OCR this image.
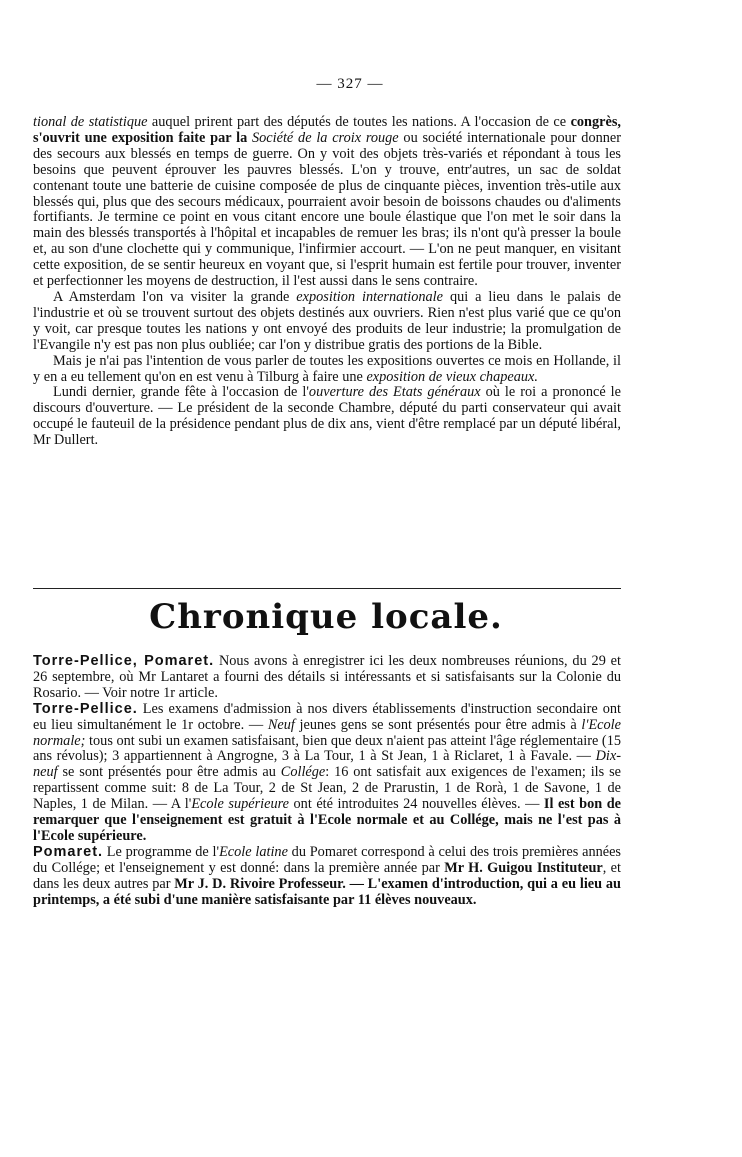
— 327 —

tional de statistique auquel prirent part des députés de toutes les nations. A l'occasion de ce congrès, s'ouvrit une exposition faite par la Société de la croix rouge ou société internationale pour donner des secours aux blessés en temps de guerre. On y voit des objets très-variés et répondant à tous les besoins que peuvent éprouver les pauvres blessés. L'on y trouve, entr'autres, un sac de soldat contenant toute une batterie de cuisine composée de plus de cinquante pièces, invention très-utile aux blessés qui, plus que des secours médicaux, pourraient avoir besoin de boissons chaudes ou d'aliments fortifiants. Je termine ce point en vous citant encore une boule élastique que l'on met le soir dans la main des blessés transportés à l'hôpital et incapables de remuer les bras; ils n'ont qu'à presser la boule et, au son d'une clochette qui y communique, l'infirmier accourt. — L'on ne peut manquer, en visitant cette exposition, de se sentir heureux en voyant que, si l'esprit humain est fertile pour trouver, inventer et perfectionner les moyens de destruction, il l'est aussi dans le sens contraire.

A Amsterdam l'on va visiter la grande exposition internationale qui a lieu dans le palais de l'industrie et où se trouvent surtout des objets destinés aux ouvriers. Rien n'est plus varié que ce qu'on y voit, car presque toutes les nations y ont envoyé des produits de leur industrie; la promulgation de l'Evangile n'y est pas non plus oubliée; car l'on y distribue gratis des portions de la Bible.

Mais je n'ai pas l'intention de vous parler de toutes les expositions ouvertes ce mois en Hollande, il y en a eu tellement qu'on en est venu à Tilburg à faire une exposition de vieux chapeaux.

Lundi dernier, grande fête à l'occasion de l'ouverture des Etats généraux où le roi a prononcé le discours d'ouverture. — Le président de la seconde Chambre, député du parti conservateur qui avait occupé le fauteuil de la présidence pendant plus de dix ans, vient d'être remplacé par un député libéral, Mr Dullert.

Chronique locale.

Torre-Pellice, Pomaret. Nous avons à enregistrer ici les deux nombreuses réunions, du 29 et 26 septembre, où Mr Lantaret a fourni des détails si intéressants et si satisfaisants sur la Colonie du Rosario. — Voir notre 1r article.

Torre-Pellice. Les examens d'admission à nos divers établissements d'instruction secondaire ont eu lieu simultanément le 1r octobre. — Neuf jeunes gens se sont présentés pour être admis à l'Ecole normale; tous ont subi un examen satisfaisant, bien que deux n'aient pas atteint l'âge réglementaire (15 ans révolus); 3 appartiennent à Angrogne, 3 à La Tour, 1 à St Jean, 1 à Riclaret, 1 à Favale. — Dix-neuf se sont présentés pour être admis au Collége: 16 ont satisfait aux exigences de l'examen; ils se repartissent comme suit: 8 de La Tour, 2 de St Jean, 2 de Prarustin, 1 de Rorà, 1 de Savone, 1 de Naples, 1 de Milan. — A l'Ecole supérieure ont été introduites 24 nouvelles élèves. — Il est bon de remarquer que l'enseignement est gratuit à l'Ecole normale et au Collége, mais ne l'est pas à l'Ecole supérieure.

Pomaret. Le programme de l'Ecole latine du Pomaret correspond à celui des trois premières années du Collége; et l'enseignement y est donné: dans la première année par Mr H. Guigou Instituteur, et dans les deux autres par Mr J. D. Rivoire Professeur. — L'examen d'introduction, qui a eu lieu au printemps, a été subi d'une manière satisfaisante par 11 élèves nouveaux.
